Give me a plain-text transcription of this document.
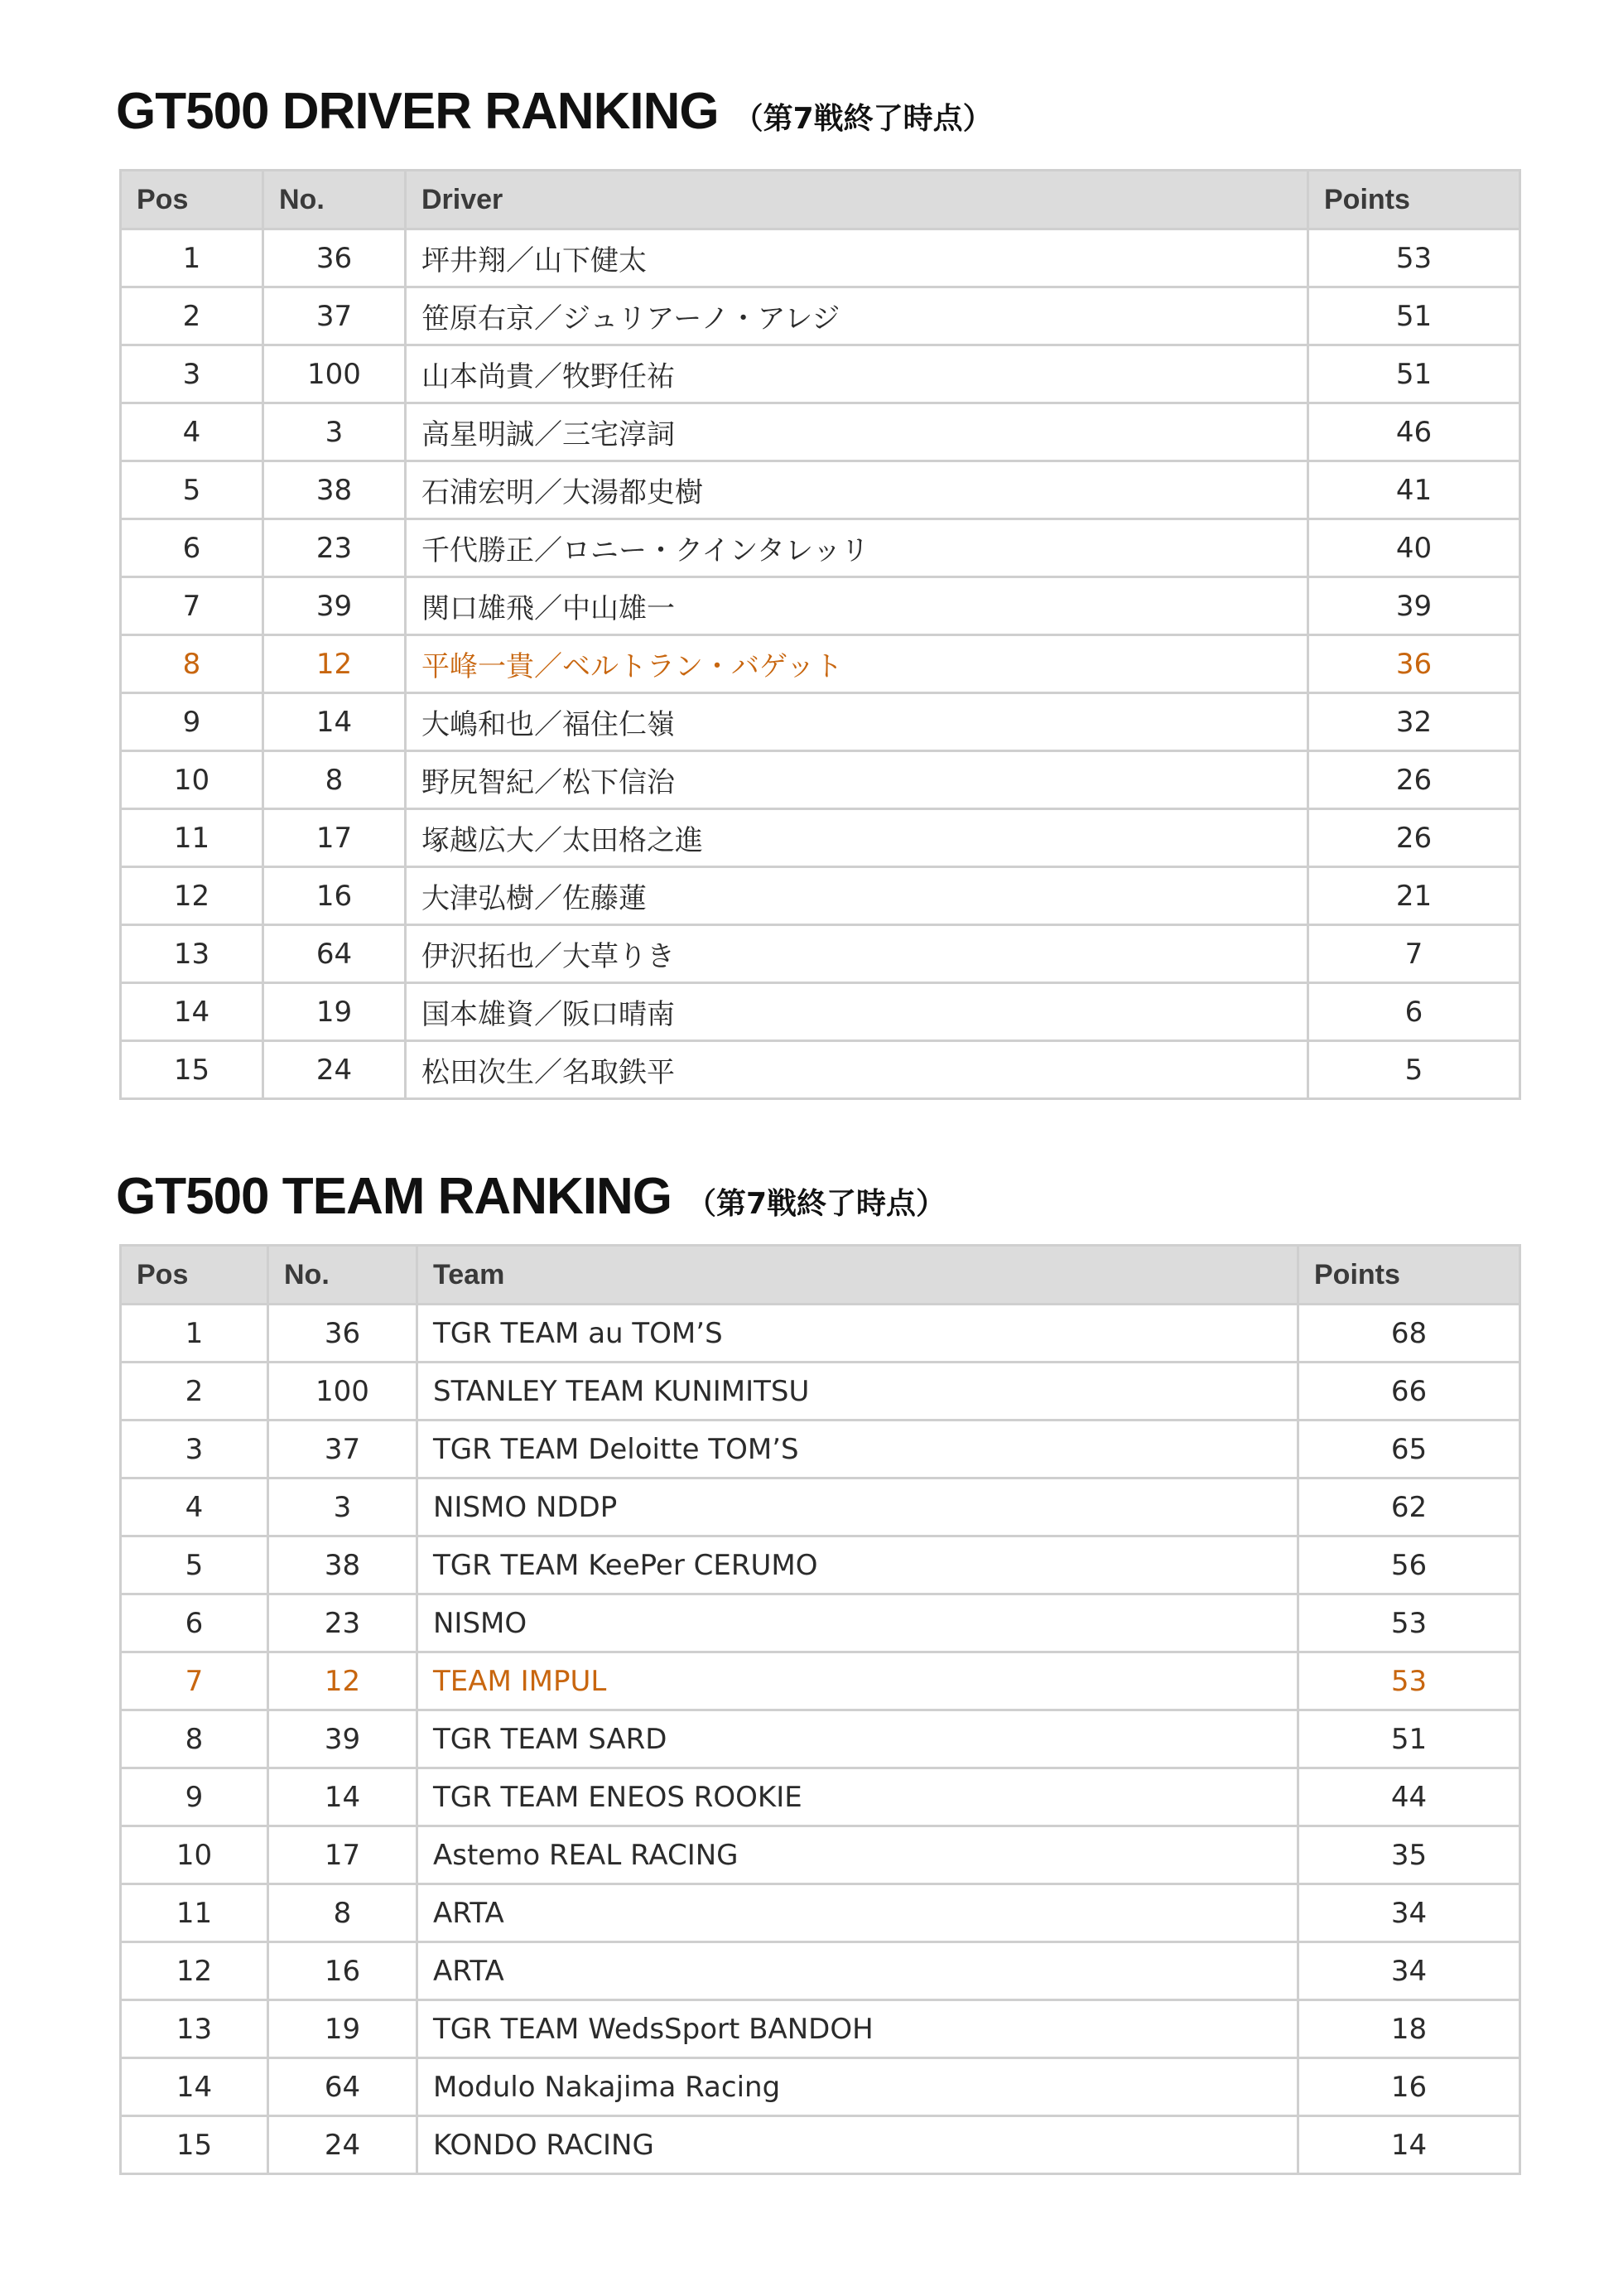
GT500 DRIVER RANKING （第7戦終了時点）
Pos	No.	Driver	Points
1	36	坪井翔／山下健太	53
2	37	笹原右京／ジュリアーノ・アレジ	51
3	100	山本尚貴／牧野任祐	51
4	3	高星明誠／三宅淳詞	46
5	38	石浦宏明／大湯都史樹	41
6	23	千代勝正／ロニー・クインタレッリ	40
7	39	関口雄飛／中山雄一	39
8	12	平峰一貴／ベルトラン・バゲット	36
9	14	大嶋和也／福住仁嶺	32
10	8	野尻智紀／松下信治	26
11	17	塚越広大／太田格之進	26
12	16	大津弘樹／佐藤蓮	21
13	64	伊沢拓也／大草りき	7
14	19	国本雄資／阪口晴南	6
15	24	松田次生／名取鉄平	5
GT500 TEAM RANKING （第7戦終了時点）
Pos	No.	Team	Points
1	36	TGR TEAM au TOM’S	68
2	100	STANLEY TEAM KUNIMITSU	66
3	37	TGR TEAM Deloitte TOM’S	65
4	3	NISMO NDDP	62
5	38	TGR TEAM KeePer CERUMO	56
6	23	NISMO	53
7	12	TEAM IMPUL	53
8	39	TGR TEAM SARD	51
9	14	TGR TEAM ENEOS ROOKIE	44
10	17	Astemo REAL RACING	35
11	8	ARTA	34
12	16	ARTA	34
13	19	TGR TEAM WedsSport BANDOH	18
14	64	Modulo Nakajima Racing	16
15	24	KONDO RACING	14
